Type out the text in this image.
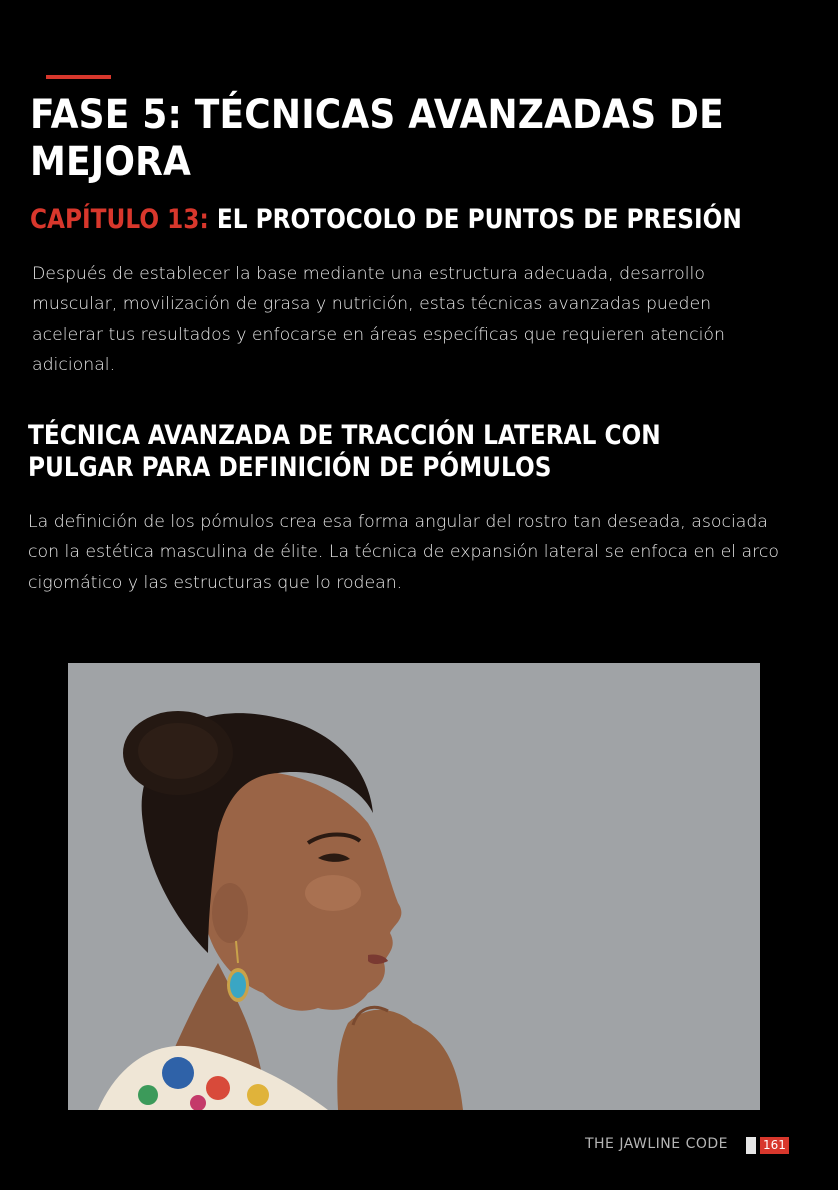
FASE 5: TÉCNICAS AVANZADAS DE MEJORA
CAPÍTULO 13: EL PROTOCOLO DE PUNTOS DE PRESIÓN

Después de establecer la base mediante una estructura adecuada, desarrollo muscular, movilización de grasa y nutrición, estas técnicas avanzadas pueden acelerar tus resultados y enfocarse en áreas específicas que requieren atención adicional.

TÉCNICA AVANZADA DE TRACCIÓN LATERAL CON PULGAR PARA DEFINICIÓN DE PÓMULOS

La definición de los pómulos crea esa forma angular del rostro tan deseada, asociada con la estética masculina de élite. La técnica de expansión lateral se enfoca en el arco cigomático y las estructuras que lo rodean.

THE JAWLINE CODE	161
